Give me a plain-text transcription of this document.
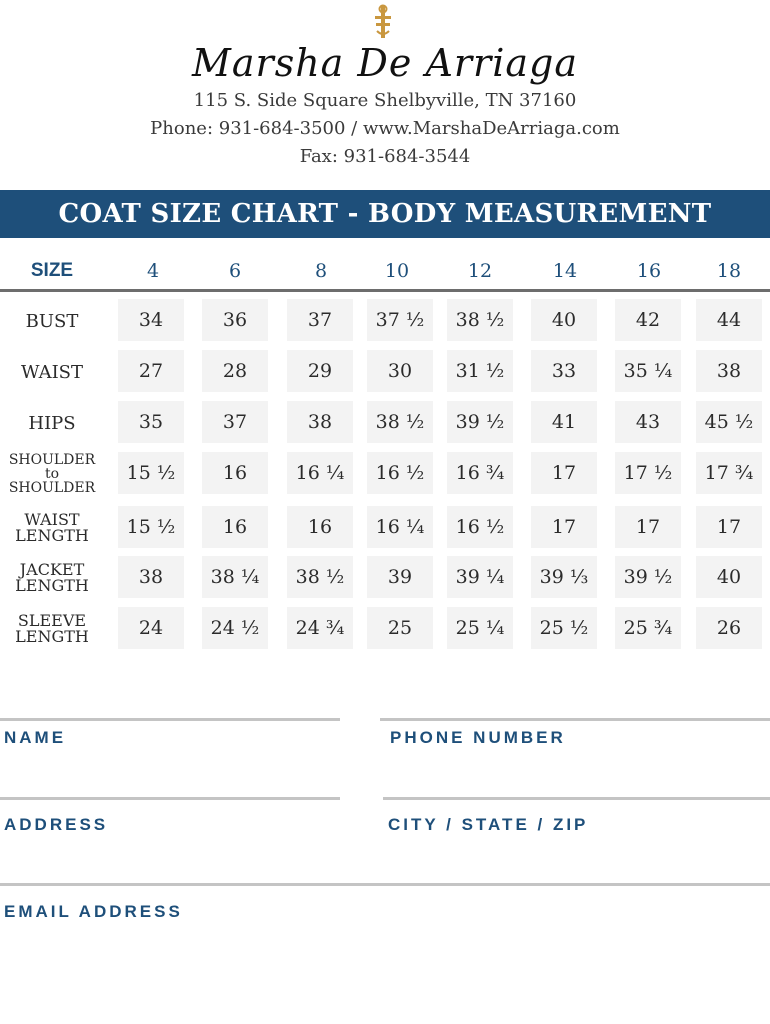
Marsha De Arriaga
115 S. Side Square Shelbyville, TN 37160
Phone: 931-684-3500 / www.MarshaDeArriaga.com
Fax: 931-684-3544
COAT SIZE CHART - BODY MEASUREMENT
SIZE	4	6	8	10	12	14	16	18
BUST	34	36	37	37 ½	38 ½	40	42	44
WAIST	27	28	29	30	31 ½	33	35 ¼	38
HIPS	35	37	38	38 ½	39 ½	41	43	45 ½
SHOULDER
to
SHOULDER
15 ½	16	16 ¼	16 ½	16 ¾	17	17 ½	17 ¾
WAIST
LENGTH	15 ½	16	16	16 ¼	16 ½	17	17	17
JACKET
LENGTH	38	38 ¼	38 ½	39	39 ¼	39 ⅓	39 ½	40
SLEEVE
LENGTH	24	24 ½	24 ¾	25	25 ¼	25 ½	25 ¾	26
NAME	PHONE NUMBER
ADDRESS	CITY / STATE / ZIP
EMAIL ADDRESS
